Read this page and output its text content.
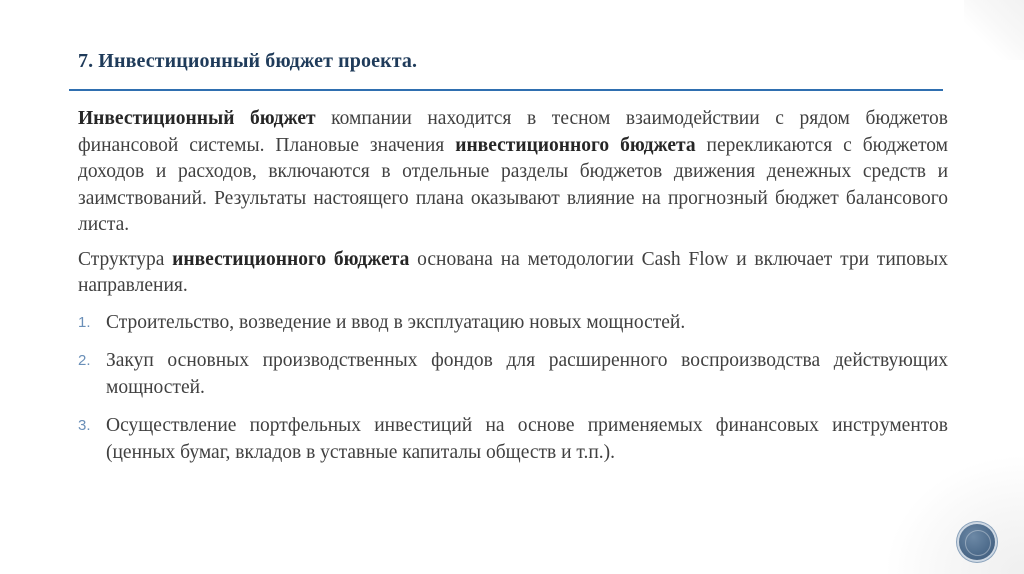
7. Инвестиционный бюджет проекта.

Инвестиционный бюджет компании находится в тесном взаимодействии с рядом бюджетов финансовой системы. Плановые значения инвестиционного бюджета перекликаются с бюджетом доходов и расходов, включаются в отдельные разделы бюджетов движения денежных средств и заимствований. Результаты настоящего плана оказывают влияние на прогнозный бюджет балансового листа.

Структура инвестиционного бюджета основана на методологии Cash Flow и включает три типовых направления.

1. Строительство, возведение и ввод в эксплуатацию новых мощностей.
2. Закуп основных производственных фондов для расширенного воспроизводства действующих мощностей.
3. Осуществление портфельных инвестиций на основе применяемых финансовых инструментов (ценных бумаг, вкладов в уставные капиталы обществ и т.п.).
